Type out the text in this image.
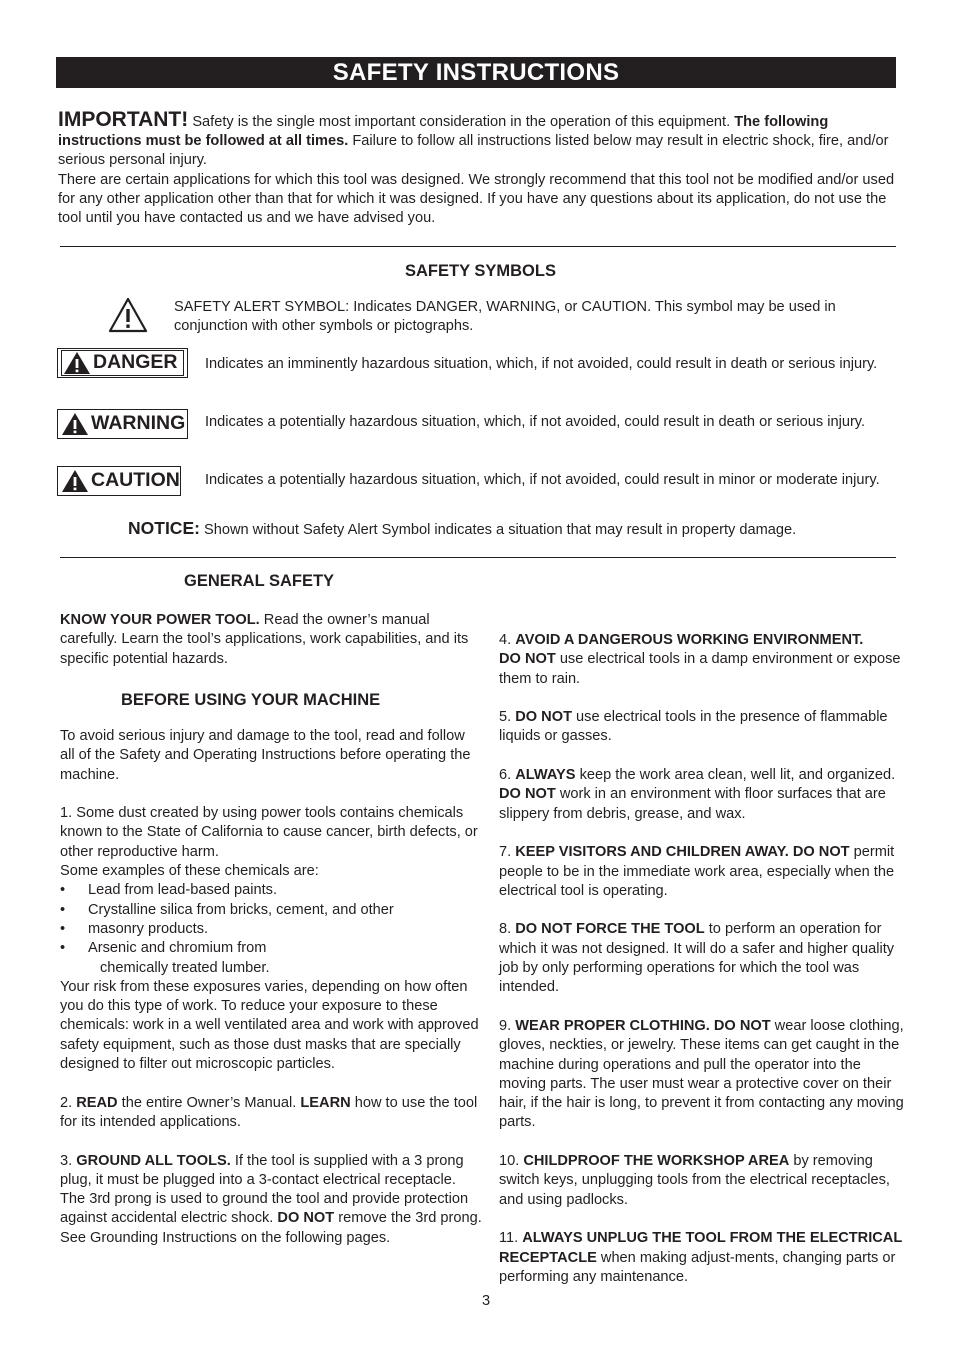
SAFETY INSTRUCTIONS
IMPORTANT! Safety is the single most important consideration in the operation of this equipment. The following instructions must be followed at all times. Failure to follow all instructions listed below may result in electric shock, fire, and/or serious personal injury.
There are certain applications for which this tool was designed. We strongly recommend that this tool not be modified and/or used for any other application other than that for which it was designed. If you have any questions about its application, do not use the tool until you have contacted us and we have advised you.
SAFETY SYMBOLS
SAFETY ALERT SYMBOL: Indicates DANGER, WARNING, or CAUTION. This symbol may be used in conjunction with other symbols or pictographs.
DANGER Indicates an imminently hazardous situation, which, if not avoided, could result in death or serious injury.
WARNING Indicates a potentially hazardous situation, which, if not avoided, could result in death or serious injury.
CAUTION Indicates a potentially hazardous situation, which, if not avoided, could result in minor or moderate injury.
NOTICE: Shown without Safety Alert Symbol indicates a situation that may result in property damage.
GENERAL SAFETY

KNOW YOUR POWER TOOL. Read the owner’s manual carefully. Learn the tool’s applications, work capabilities, and its specific potential hazards.

BEFORE USING YOUR MACHINE

To avoid serious injury and damage to the tool, read and follow all of the Safety and Operating Instructions before operating the machine.

1. Some dust created by using power tools contains chemicals known to the State of California to cause cancer, birth defects, or other reproductive harm.
Some examples of these chemicals are:
•	Lead from lead-based paints.
•	Crystalline silica from bricks, cement, and other
•	masonry products.
•	Arsenic and chromium from
chemically treated lumber.

Your risk from these exposures varies, depending on how often you do this type of work. To reduce your exposure to these chemicals: work in a well ventilated area and work with approved safety equipment, such as those dust masks that are specially designed to filter out microscopic particles.

2. READ the entire Owner’s Manual. LEARN how to use the tool for its intended applications.

3. GROUND ALL TOOLS. If the tool is supplied with a 3 prong plug, it must be plugged into a 3-contact electrical receptacle. The 3rd prong is used to ground the tool and provide protection against accidental electric shock. DO NOT remove the 3rd prong. See Grounding Instructions on the following pages.

4. AVOID A DANGEROUS WORKING ENVIRONMENT.
DO NOT use electrical tools in a damp environment or expose them to rain.

5. DO NOT use electrical tools in the presence of flammable liquids or gasses.

6. ALWAYS keep the work area clean, well lit, and organized. DO NOT work in an environment with floor surfaces that are slippery from debris, grease, and wax.

7. KEEP VISITORS AND CHILDREN AWAY. DO NOT permit people to be in the immediate work area, especially when the electrical tool is operating.

8. DO NOT FORCE THE TOOL to perform an operation for which it was not designed. It will do a safer and higher quality job by only performing operations for which the tool was intended.

9. WEAR PROPER CLOTHING. DO NOT wear loose clothing, gloves, neckties, or jewelry. These items can get caught in the machine during operations and pull the operator into the moving parts. The user must wear a protective cover on their hair, if the hair is long, to prevent it from contacting any moving parts.

10. CHILDPROOF THE WORKSHOP AREA by removing switch keys, unplugging tools from the electrical receptacles, and using padlocks.

11. ALWAYS UNPLUG THE TOOL FROM THE ELECTRICAL RECEPTACLE when making adjust-ments, changing parts or performing any maintenance.

3
